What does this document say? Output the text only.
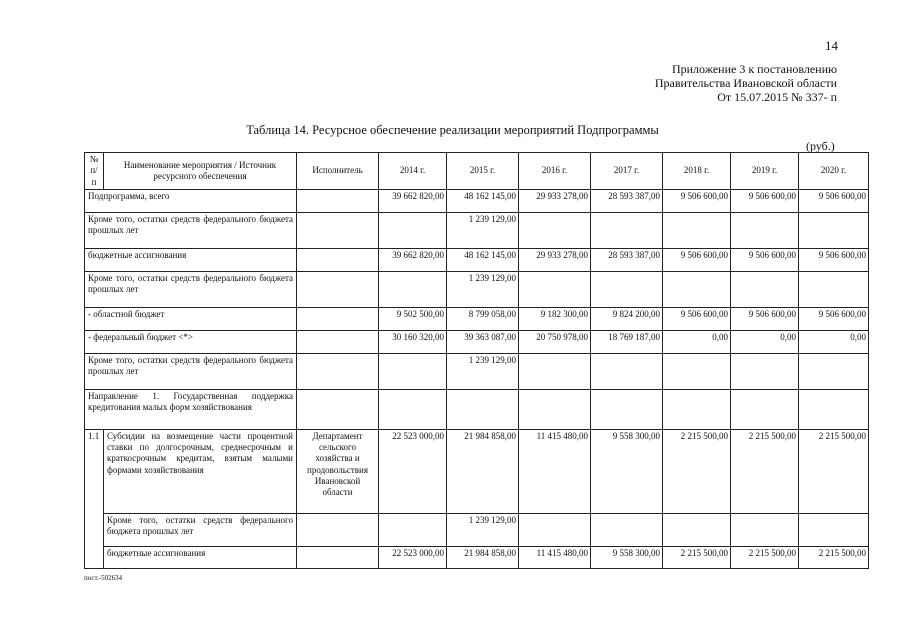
14
Приложение 3 к постановлению
Правительства Ивановской области
От 15.07.2015 № 337- п
Таблица 14. Ресурсное обеспечение реализации мероприятий Подпрограммы
(руб.)
№ п/п	Наименование мероприятия / Источник ресурсного обеспечения	Исполнитель	2014 г.	2015 г.	2016 г.	2017 г.	2018 г.	2019 г.	2020 г.
Подпрограмма, всего			39 662 820,00	48 162 145,00	29 933 278,00	28 593 387,00	9 506 600,00	9 506 600,00	9 506 600,00
Кроме того, остатки средств федерального бюджета прошлых лет				1 239 129,00					
бюджетные ассигнования			39 662 820,00	48 162 145,00	29 933 278,00	28 593 387,00	9 506 600,00	9 506 600,00	9 506 600,00
Кроме того, остатки средств федерального бюджета прошлых лет				1 239 129,00					
- областной бюджет			9 502 500,00	8 799 058,00	9 182 300,00	9 824 200,00	9 506 600,00	9 506 600,00	9 506 600,00
- федеральный бюджет <*>			30 160 320,00	39 363 087,00	20 750 978,00	18 769 187,00	0,00	0,00	0,00
Кроме того, остатки средств федерального бюджета прошлых лет				1 239 129,00					
Направление 1. Государственная поддержка кредитования малых форм хозяйствования									
1.1	Субсидии на возмещение части процентной ставки по долгосрочным, среднесрочным и краткосрочным кредитам, взятым малыми формами хозяйствования	Департамент сельского хозяйства и продовольствия Ивановской области	22 523 000,00	21 984 858,00	11 415 480,00	9 558 300,00	2 215 500,00	2 215 500,00	2 215 500,00
	Кроме того, остатки средств федерального бюджета прошлых лет			1 239 129,00					
	бюджетные ассигнования		22 523 000,00	21 984 858,00	11 415 480,00	9 558 300,00	2 215 500,00	2 215 500,00	2 215 500,00
пост.-502634
